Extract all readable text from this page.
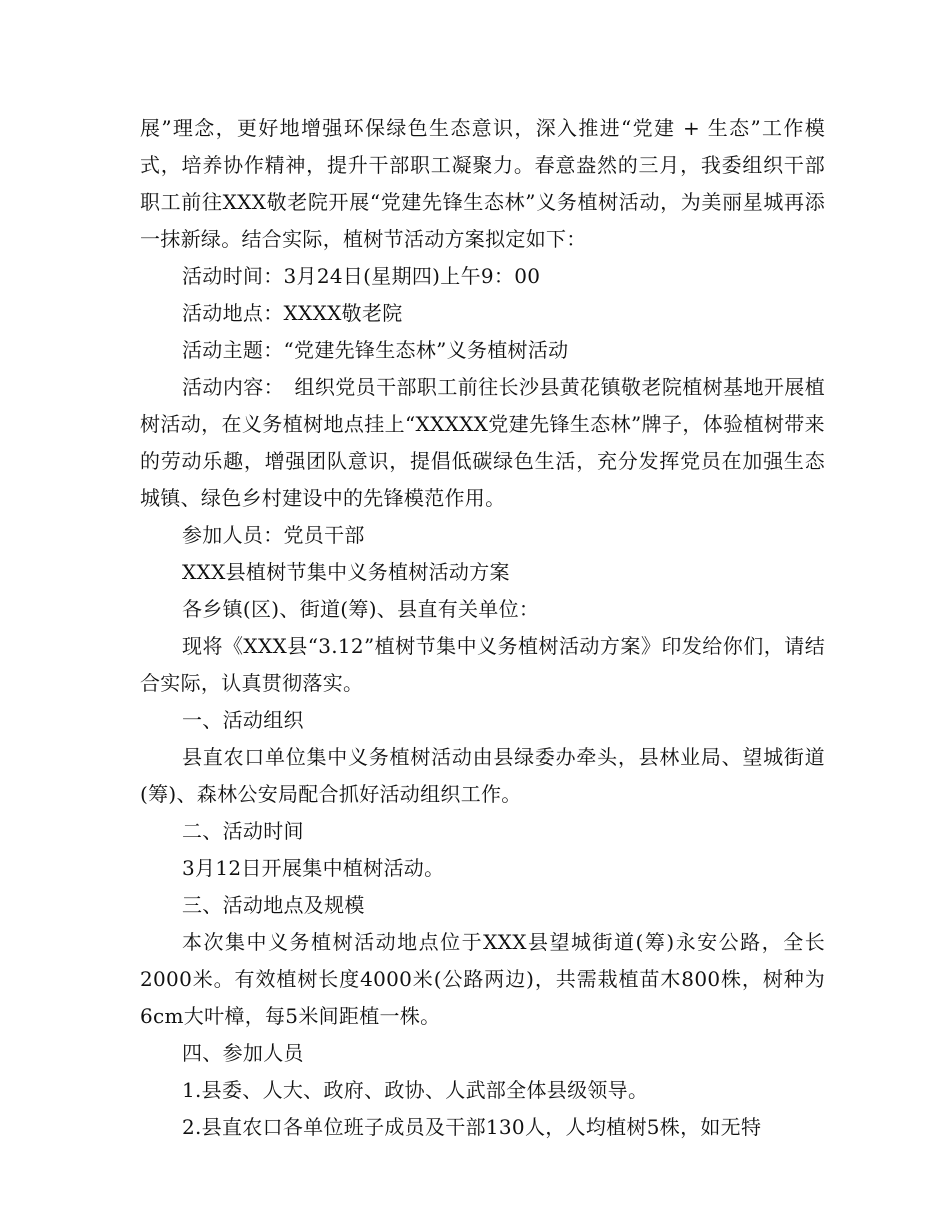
展”理念，更好地增强环保绿色生态意识，深入推进“党建 + 生态”工作模式，培养协作精神，提升干部职工凝聚力。春意盎然的三月，我委组织干部职工前往XXX敬老院开展“党建先锋生态林”义务植树活动，为美丽星城再添一抹新绿。结合实际，植树节活动方案拟定如下：

活动时间：3月24日(星期四)上午9：00

活动地点：XXXX敬老院

活动主题：“党建先锋生态林”义务植树活动

活动内容：　组织党员干部职工前往长沙县黄花镇敬老院植树基地开展植树活动，在义务植树地点挂上“XXXXX党建先锋生态林”牌子，体验植树带来的劳动乐趣，增强团队意识，提倡低碳绿色生活，充分发挥党员在加强生态城镇、绿色乡村建设中的先锋模范作用。

参加人员：党员干部

XXX县植树节集中义务植树活动方案

各乡镇(区)、街道(筹)、县直有关单位：

现将《XXX县“3.12”植树节集中义务植树活动方案》印发给你们，请结合实际，认真贯彻落实。

一、活动组织

县直农口单位集中义务植树活动由县绿委办牵头，县林业局、望城街道(筹)、森林公安局配合抓好活动组织工作。

二、活动时间

3月12日开展集中植树活动。

三、活动地点及规模

本次集中义务植树活动地点位于XXX县望城街道(筹)永安公路，全长2000米。有效植树长度4000米(公路两边)，共需栽植苗木800株，树种为6cm大叶樟，每5米间距植一株。

四、参加人员

1.县委、人大、政府、政协、人武部全体县级领导。

2.县直农口各单位班子成员及干部130人，人均植树5株，如无特
